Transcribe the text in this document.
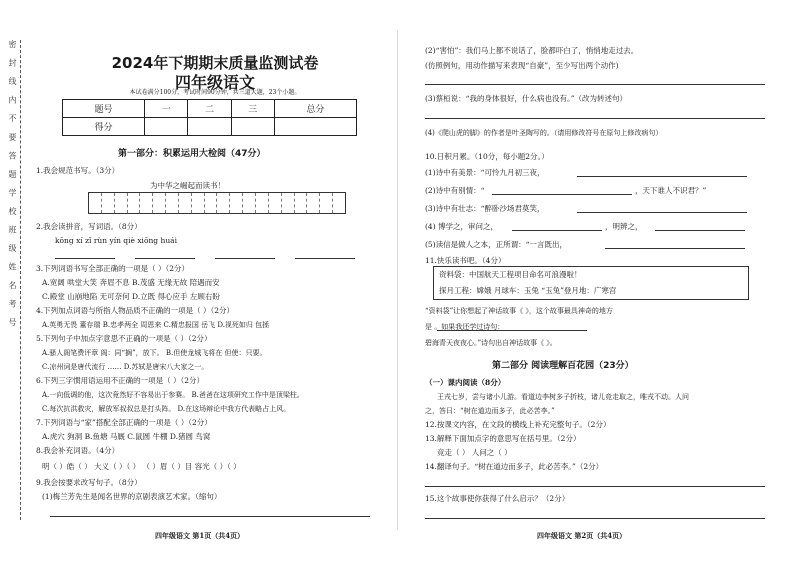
密 封 线 内 不 要 答 题 学 校 班 级 姓 名 考 号	2024年下期期末质量监测试卷
四年级语文
本试卷满分100分，考试时间90分钟，共三道大题，23个小题。
题号	一	二	三	总分
得分				
第一部分：积累运用大检阅（47分）
1.我会规范书写。（3分）
为中华之崛起而读书！
2.我会读拼音，写词语。（8分）
kōng xí zǐ rùn yín qiè xiōng huái
3.下列词语书写全部正确的一项是（ ）（2分）
A.宽阔 哄堂大笑 奔眉不息 B.茂盛 无缘无故 陪遇而安
C.殿堂 山崩地陷 无可奈何 D.立既 得心应手 左顾右盼
4.下列加点词语与所指人物品质不正确的一项是（ ）（2分）
A.英勇无畏 董存瑞 B.忠孝两全 周恩来 C.精忠报国 岳飞 D.视死如归 包拯
5.下列句子中加点字意思不正确的一项是（ ）（2分）
A.骚人阁笔费评章 阁：同“搁”，放下。 B.但使龙城飞将在 但使：只要。
C.凉州词是唐代流行 …… D.苏轼是唐宋八大家之一。
6.下列三字惯用语运用不正确的一项是（ ）（2分）
A.一向低调的他，这次竟然好不容易出于参赛。 B.爸爸在这项研究工作中是顶梁柱。
C.每次抗洪救灾，解放军叔叔总是打头阵。 D.在这场辩论中我方代表略占上风。
7.下列词语与“家”搭配全部正确的一项是（ ）（2分）
A.虎穴 狗洞 B.鱼塘 马厩 C.鼠圆 牛棚 D.猪圆 鸟窝
8.我会补充词语。（4分）
明（ ）皓（ ） 大义（ ）（ ） （ ）眉（ ）目 容光（ ）（ ）
9.我会按要求改写句子。（8分）
(1)梅兰芳先生是闻名世界的京剧表演艺术家。（缩句）
四年级语文 第1页（共4页）
(2)“害怕”：我们马上都不说话了，脸都吓白了，悄悄地走过去。
(仿照例句，用动作描写来表现“自豪”，至少写出两个动作)
(3)蔡桓说：“我的身体很好，什么病也没有。”（改为转述句）
(4)《爬山虎的脚》的作者是叶圣陶写的。（请用修改符号在原句上修改病句）
10.日积月累。（10分，每小题2分。）
(1)诗中有美景：“可怜九月初三夜，
(2)诗中有别情：“	，天下谁人不识君？”
(3)诗中有壮志：“醉卧沙场君莫笑，
(4) 博学之，审问之，	，明辨之，
(5)读信是做人之本，正所谓：“一言既出，
11.快乐读书吧。（4分）
资料袋：中国航天工程项目命名可浪漫啦！
探月工程：嫦娥 月球车：玉兔 “玉兔”登月地：广寒宫
“资料袋”让你想起了神话故事《 》，这个故事最具神奇的地方
是 。如果我还学过诗句：
碧海青天夜夜心。”诗句出自神话故事《 》。
第二部分 阅读理解百花园（23分）
（一）课内阅读（8分）
王戎七岁，尝与诸小儿游。看道边李树多子折枝，诸儿竞走取之，唯戎不动。人问
之，答曰：“树在道边而多子，此必苦李。”
12.按课文内容，在文段的横线上补充完整句子。（2分）
13.解释下面加点字的意思写在括号里。（2分）
竞走（ ） 人问之（ ）
14.翻译句子。“树在道边而多子，此必苦李。”（2分）
15.这个故事使你获得了什么启示？（2分）
四年级语文 第2页（共4页）
